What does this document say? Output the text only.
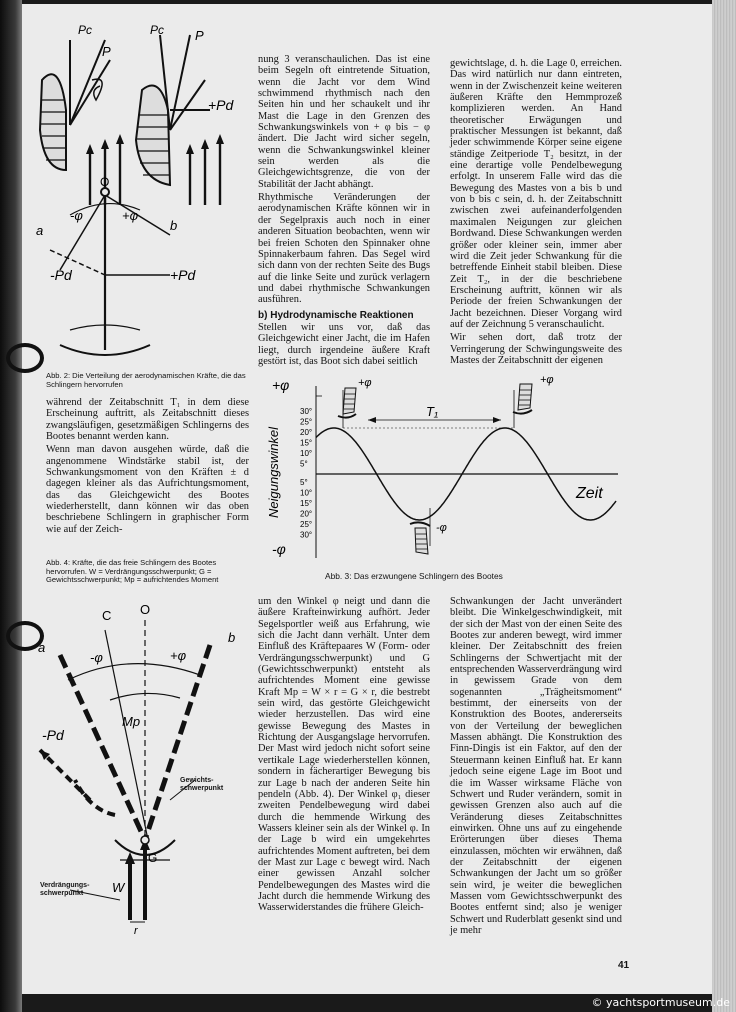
Pc
P
Pc P
+Pd
O
-φ	+φ
a	b
-Pd	+Pd
Abb. 2: Die Verteilung der aerodynamischen Kräfte, die das Schlingern hervorrufen

während der Zeitabschnitt T₁ in dem diese Erscheinung auftritt, als Zeitabschnitt dieses zwangsläufigen, gesetzmäßigen Schlingerns des Bootes benannt werden kann.

Wenn man davon ausgehen würde, daß die angenommene Windstärke stabil ist, der Schwankungsmoment von den Kräften ± d dagegen kleiner als das Aufrichtungsmoment, das das Gleichgewicht des Bootes wiederherstellt, dann können wir das oben beschriebene Schlingern in graphischer Form wie auf der Zeich-

Abb. 4: Kräfte, die das freie Schlingern des Bootes hervorrufen. W = Verdrängungsschwerpunkt; G = Gewichtsschwerpunkt; Mp = aufrichtendes Moment
C O
a
b
-φ	+φ
Mp
-Pd
G
W
r
Gewichts-schwerpunkt
Verdrängungs-schwerpunkt

nung 3 veranschaulichen. Das ist eine beim Segeln oft eintretende Situation, wenn die Jacht vor dem Wind schwimmend rhythmisch nach den Seiten hin und her schaukelt und ihr Mast die Lage in den Grenzen des Schwankungswinkels von + φ bis − φ ändert. Die Jacht wird sicher segeln, wenn die Schwankungswinkel kleiner sein werden als die Gleichgewichtsgrenze, die von der Stabilität der Jacht abhängt.

Rhythmische Veränderungen der aerodynamischen Kräfte können wir in der Segelpraxis auch noch in einer anderen Situation beobachten, wenn wir bei freien Schoten den Spinnaker ohne Spinnakerbaum fahren. Das Segel wird sich dann von der rechten Seite des Bugs auf die linke Seite und zurück verlagern und dabei rhythmische Schwankungen ausführen.

b) Hydrodynamische Reaktionen

Stellen wir uns vor, daß das Gleichgewicht einer Jacht, die im Hafen liegt, durch irgendeine äußere Kraft gestört ist, das Boot sich dabei seitlich

gewichtslage, d. h. die Lage 0, erreichen. Das wird natürlich nur dann eintreten, wenn in der Zwischenzeit keine weiteren äußeren Kräfte den Hemmprozeß komplizieren werden. An Hand theoretischer Erwägungen und praktischer Messungen ist bekannt, daß jeder schwimmende Körper seine eigene ständige Zeitperiode T₂ besitzt, in der eine derartige volle Pendelbewegung erfolgt. In unserem Falle wird das die Bewegung des Mastes von a bis b und von b bis c sein, d. h. der Zeitabschnitt zwischen zwei aufeinanderfolgenden maximalen Neigungen zur gleichen Bordwand. Diese Schwankungen werden größer oder kleiner sein, immer aber wird die Zeit jeder Schwankung für die betreffende Einheit stabil bleiben. Diese Zeit T₂, in der die beschriebene Erscheinung auftritt, können wir als Periode der freien Schwankungen der Jacht bezeichnen. Dieser Vorgang wird auf der Zeichnung 5 veranschaulicht.

Wir sehen dort, daß trotz der Verringerung der Schwingungsweite des Mastes der Zeitabschnitt der eigenen

+φ
-φ
+φ	+φ
-φ
T₁
Zeit
Neigungswinkel
30°
25°
20°
15°
10°
5°
5°
10°
15°
20°
25°
30°
Abb. 3: Das erzwungene Schlingern des Bootes

um den Winkel φ neigt und dann die äußere Krafteinwirkung aufhört. Jeder Segelsportler weiß aus Erfahrung, wie sich die Jacht dann verhält. Unter dem Einfluß des Kräftepaares W (Form- oder Verdrängungsschwerpunkt) und G (Gewichtsschwerpunkt) entsteht als aufrichtendes Moment eine gewisse Kraft Mp = W × r = G × r, die bestrebt sein wird, das gestörte Gleichgewicht wieder herzustellen. Das wird eine gewisse Bewegung des Mastes in Richtung der Ausgangslage hervorrufen. Der Mast wird jedoch nicht sofort seine vertikale Lage wiederherstellen können, sondern in fächerartiger Bewegung bis zur Lage b nach der anderen Seite hin pendeln (Abb. 4). Der Winkel φ₁ dieser zweiten Pendelbewegung wird dabei durch die hemmende Wirkung des Wassers kleiner sein als der Winkel φ. In der Lage b wird ein umgekehrtes aufrichtendes Moment auftreten, bei dem der Mast zur Lage c bewegt wird. Nach einer gewissen Anzahl solcher Pendelbewegungen des Mastes wird die Jacht durch die hemmende Wirkung des Wasserwiderstandes die frühere Gleich-

Schwankungen der Jacht unverändert bleibt. Die Winkelgeschwindigkeit, mit der sich der Mast von der einen Seite des Bootes zur anderen bewegt, wird immer kleiner. Der Zeitabschnitt des freien Schlingerns der Schwertjacht mit der entsprechenden Wasserverdrängung wird in gewissem Grade von dem sogenannten „Trägheitsmoment“ bestimmt, der einerseits von der Konstruktion des Bootes, andererseits von der Verteilung der beweglichen Massen abhängt. Die Konstruktion des Finn-Dingis ist ein Faktor, auf den der Steuermann keinen Einfluß hat. Er kann jedoch seine eigene Lage im Boot und die im Wasser wirksame Fläche von Schwert und Ruder verändern, somit in gewissen Grenzen also auch auf die Veränderung dieses Zeitabschnittes einwirken. Ohne uns auf zu eingehende Erörterungen über dieses Thema einzulassen, möchten wir erwähnen, daß der Zeitabschnitt der eigenen Schwankungen der Jacht um so größer sein wird, je weiter die beweglichen Massen vom Gewichtsschwerpunkt des Bootes entfernt sind; also je weniger Schwert und Ruderblatt gesenkt sind und je mehr

41
© yachtsportmuseum.de
